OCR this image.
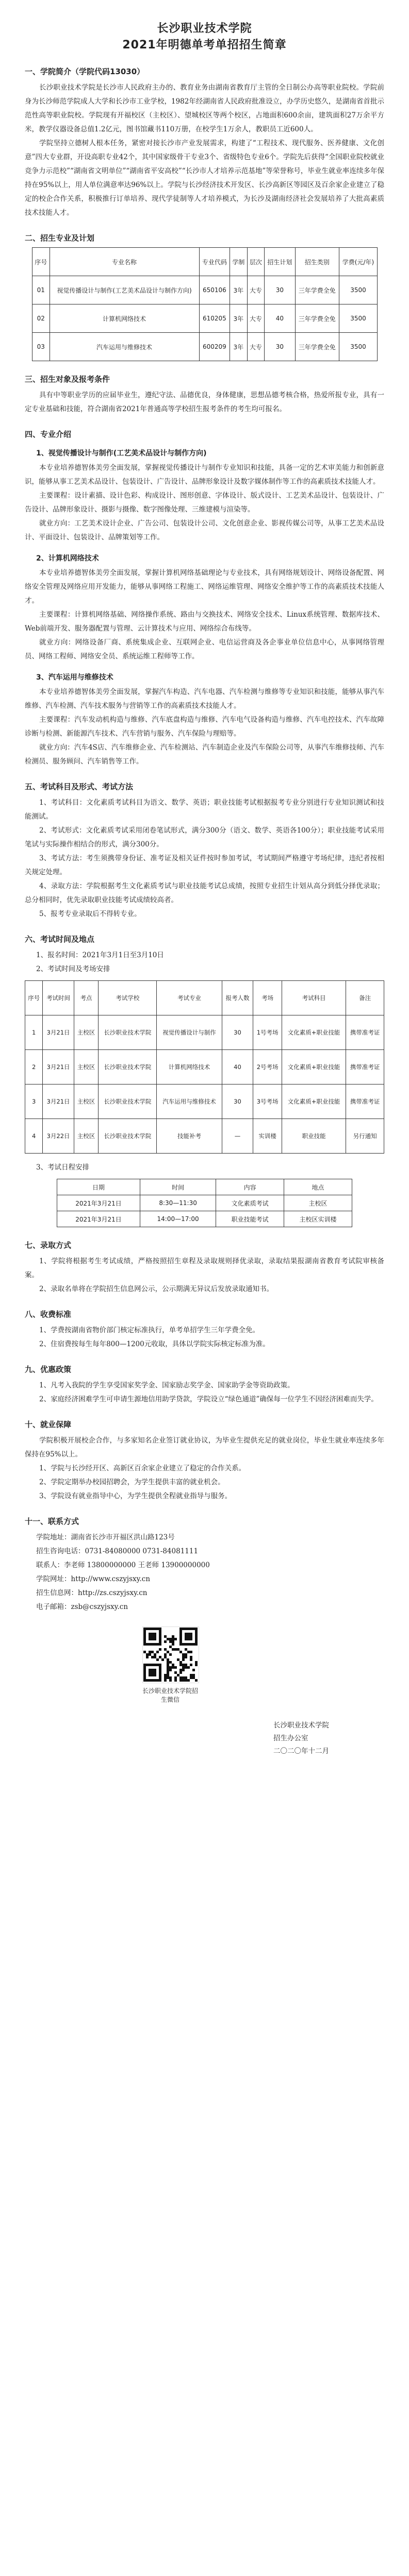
长沙职业技术学院
2021年明德单考单招招生简章
一、学院简介（学院代码13030）

长沙职业技术学院是长沙市人民政府主办的、教育业务由湖南省教育厅主管的全日制公办高等职业院校。学院前身为长沙师范学院成人大学和长沙市工业学校，1982年经湖南省人民政府批准设立，办学历史悠久，是湖南省首批示范性高等职业院校。学院现有开福校区（主校区）、望城校区等两个校区，占地面积600余亩，建筑面积27万余平方米，教学仪器设备总值1.2亿元，图书馆藏书110万册，在校学生1万余人，教职员工近600人。

学院坚持立德树人根本任务，紧密对接长沙市产业发展需求，构建了“工程技术、现代服务、医养健康、文化创意”四大专业群，开设高职专业42个，其中国家级骨干专业3个、省级特色专业6个。学院先后获得“全国职业院校就业竞争力示范校”“湖南省文明单位”“湖南省平安高校”“长沙市人才培养示范基地”等荣誉称号，毕业生就业率连续多年保持在95%以上，用人单位满意率达96%以上。学院与长沙经济技术开发区、长沙高新区等园区及百余家企业建立了稳定的校企合作关系，积极推行订单培养、现代学徒制等人才培养模式，为长沙及湖南经济社会发展培养了大批高素质技术技能人才。

二、招生专业及计划
序号	专业名称	专业代码	学制	层次	招生计划	招生类别	学费(元/年)
01	视觉传播设计与制作(工艺美术品设计与制作方向)	650106	3年	大专	30	三年学费全免	3500
02	计算机网络技术	610205	3年	大专	40	三年学费全免	3500
03	汽车运用与维修技术	600209	3年	大专	30	三年学费全免	3500
三、招生对象及报考条件

具有中等职业学历的应届毕业生，遵纪守法、品德优良，身体健康，思想品德考核合格，热爱所报专业，具有一定专业基础和技能，符合湖南省2021年普通高等学校招生报考条件的考生均可报名。

四、专业介绍
1、视觉传播设计与制作(工艺美术品设计与制作方向)

本专业培养德智体美劳全面发展，掌握视觉传播设计与制作专业知识和技能，具备一定的艺术审美能力和创新意识，能够从事工艺美术品设计、包装设计、广告设计、品牌形象设计及数字媒体制作等工作的高素质技术技能人才。

主要课程：设计素描、设计色彩、构成设计、图形创意、字体设计、版式设计、工艺美术品设计、包装设计、广告设计、品牌形象设计、摄影与摄像、数字图像处理、三维建模与渲染等。

就业方向：工艺美术设计企业、广告公司、包装设计公司、文化创意企业、影视传媒公司等，从事工艺美术品设计、平面设计、包装设计、品牌策划等工作。

2、计算机网络技术

本专业培养德智体美劳全面发展，掌握计算机网络基础理论与专业技术，具有网络规划设计、网络设备配置、网络安全管理及网络应用开发能力，能够从事网络工程施工、网络运维管理、网络安全维护等工作的高素质技术技能人才。

主要课程：计算机网络基础、网络操作系统、路由与交换技术、网络安全技术、Linux系统管理、数据库技术、Web前端开发、服务器配置与管理、云计算技术与应用、网络综合布线等。

就业方向：网络设备厂商、系统集成企业、互联网企业、电信运营商及各企事业单位信息中心，从事网络管理员、网络工程师、网络安全员、系统运维工程师等工作。

3、汽车运用与维修技术

本专业培养德智体美劳全面发展，掌握汽车构造、汽车电器、汽车检测与维修等专业知识和技能，能够从事汽车维修、汽车检测、汽车技术服务与营销等工作的高素质技术技能人才。

主要课程：汽车发动机构造与维修、汽车底盘构造与维修、汽车电气设备构造与维修、汽车电控技术、汽车故障诊断与检测、新能源汽车技术、汽车营销与服务、汽车保险与理赔等。

就业方向：汽车4S店、汽车维修企业、汽车检测站、汽车制造企业及汽车保险公司等，从事汽车维修技师、汽车检测员、服务顾问、汽车销售等工作。

五、考试科目及形式、考试方法

1、考试科目：文化素质考试科目为语文、数学、英语；职业技能考试根据报考专业分别进行专业知识测试和技能测试。

2、考试形式：文化素质考试采用闭卷笔试形式，满分300分（语文、数学、英语各100分）；职业技能考试采用笔试与实际操作相结合的形式，满分300分。

3、考试方法：考生须携带身份证、准考证及相关证件按时参加考试，考试期间严格遵守考场纪律，违纪者按相关规定处理。

4、录取方法：学院根据考生文化素质考试与职业技能考试总成绩，按照专业招生计划从高分到低分择优录取；总分相同时，优先录取职业技能考试成绩较高者。

5、报考专业录取后不得转专业。

六、考试时间及地点

1、报名时间：2021年3月1日至3月10日

2、考试时间及考场安排

序号	考试时间	考点	考试学校	考试专业	报考人数	考场	考试科目	备注
1	3月21日	主校区	长沙职业技术学院	视觉传播设计与制作	30	1号考场	文化素质+职业技能	携带准考证
2	3月21日	主校区	长沙职业技术学院	计算机网络技术	40	2号考场	文化素质+职业技能	携带准考证
3	3月21日	主校区	长沙职业技术学院	汽车运用与维修技术	30	3号考场	文化素质+职业技能	携带准考证
4	3月22日	主校区	长沙职业技术学院	技能补考	—	实训楼	职业技能	另行通知

3、考试日程安排

日期	时间	内容	地点
2021年3月21日	8:30—11:30	文化素质考试	主校区
2021年3月21日	14:00—17:00	职业技能考试	主校区实训楼
七、录取方式

1、学院将根据考生考试成绩，严格按照招生章程及录取规则择优录取，录取结果报湖南省教育考试院审核备案。

2、录取名单将在学院招生信息网公示，公示期满无异议后发放录取通知书。

八、收费标准

1、学费按湖南省物价部门核定标准执行，单考单招学生三年学费全免。

2、住宿费按每生每年800—1200元收取，具体以学院实际核定标准为准。

九、优惠政策

1、凡考入我院的学生享受国家奖学金、国家励志奖学金、国家助学金等资助政策。

2、家庭经济困难学生可申请生源地信用助学贷款，学院设立“绿色通道”确保每一位学生不因经济困难而失学。

十、就业保障

学院积极开展校企合作，与多家知名企业签订就业协议，为毕业生提供充足的就业岗位，毕业生就业率连续多年保持在95%以上。

1、学院与长沙经开区、高新区百余家企业建立了稳定的合作关系。

2、学院定期举办校园招聘会，为学生提供丰富的就业机会。

3、学院设有就业指导中心，为学生提供全程就业指导与服务。

十一、联系方式

学院地址：湖南省长沙市开福区洪山路123号

招生咨询电话：0731-84080000 0731-84081111

联系人：李老师 13800000000 王老师 13900000000

学院网址：http://www.cszyjsxy.cn

招生信息网：http://zs.cszyjsxy.cn

电子邮箱：zsb@cszyjsxy.cn

长沙职业技术学院招生微信
长沙职业技术学院
招生办公室
二〇二〇年十二月
